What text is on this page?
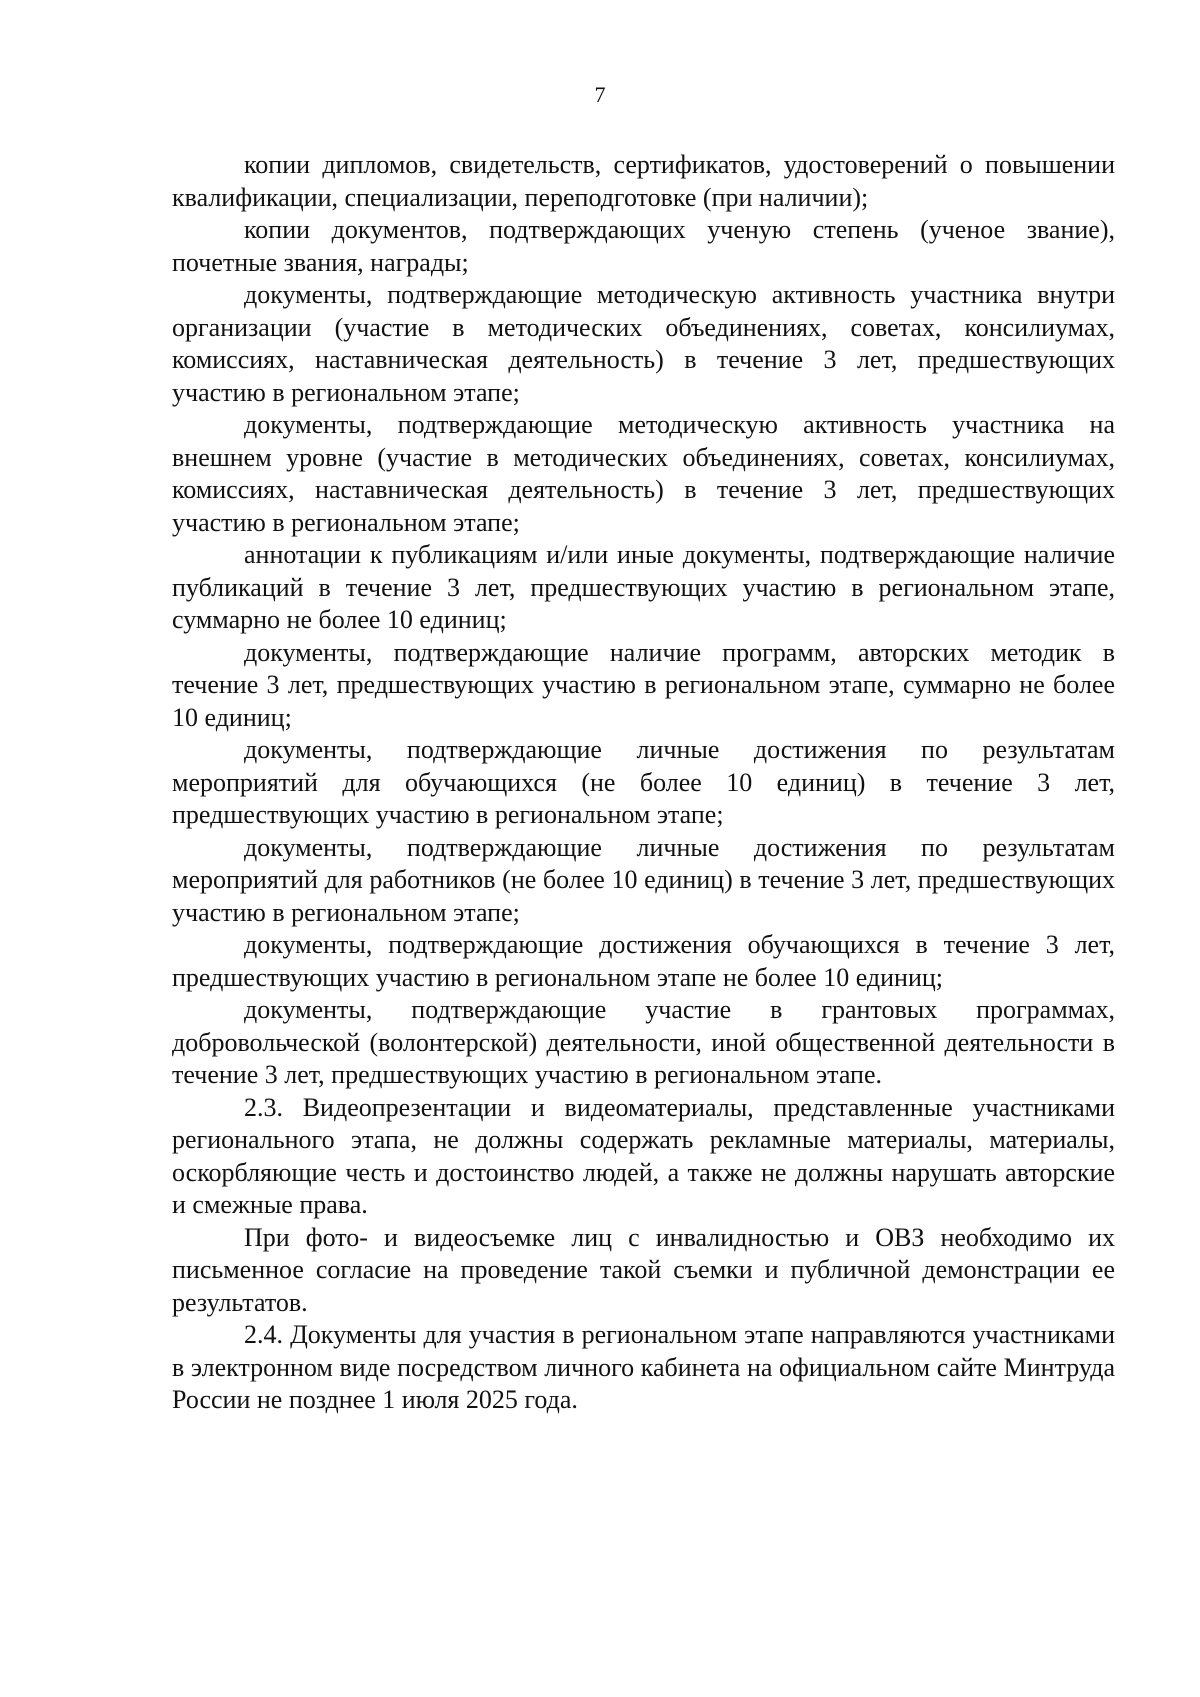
7

копии дипломов, свидетельств, сертификатов, удостоверений о повышении квалификации, специализации, переподготовке (при наличии);

копии документов, подтверждающих ученую степень (ученое звание), почетные звания, награды;

документы, подтверждающие методическую активность участника внутри организации (участие в методических объединениях, советах, консилиумах, комиссиях, наставническая деятельность) в течение 3 лет, предшествующих участию в региональном этапе;

документы, подтверждающие методическую активность участника на внешнем уровне (участие в методических объединениях, советах, консилиумах, комиссиях, наставническая деятельность) в течение 3 лет, предшествующих участию в региональном этапе;

аннотации к публикациям и/или иные документы, подтверждающие наличие публикаций в течение 3 лет, предшествующих участию в региональном этапе, суммарно не более 10 единиц;

документы, подтверждающие наличие программ, авторских методик в течение 3 лет, предшествующих участию в региональном этапе, суммарно не более 10 единиц;

документы, подтверждающие личные достижения по результатам мероприятий для обучающихся (не более 10 единиц) в течение 3 лет, предшествующих участию в региональном этапе;

документы, подтверждающие личные достижения по результатам мероприятий для работников (не более 10 единиц) в течение 3 лет, предшествующих участию в региональном этапе;

документы, подтверждающие достижения обучающихся в течение 3 лет, предшествующих участию в региональном этапе не более 10 единиц;

документы, подтверждающие участие в грантовых программах, добровольческой (волонтерской) деятельности, иной общественной деятельности в течение 3 лет, предшествующих участию в региональном этапе.

2.3. Видеопрезентации и видеоматериалы, представленные участниками регионального этапа, не должны содержать рекламные материалы, материалы, оскорбляющие честь и достоинство людей, а также не должны нарушать авторские и смежные права.

При фото- и видеосъемке лиц с инвалидностью и ОВЗ необходимо их письменное согласие на проведение такой съемки и публичной демонстрации ее результатов.

2.4. Документы для участия в региональном этапе направляются участниками в электронном виде посредством личного кабинета на официальном сайте Минтруда России не позднее 1 июля 2025 года.
